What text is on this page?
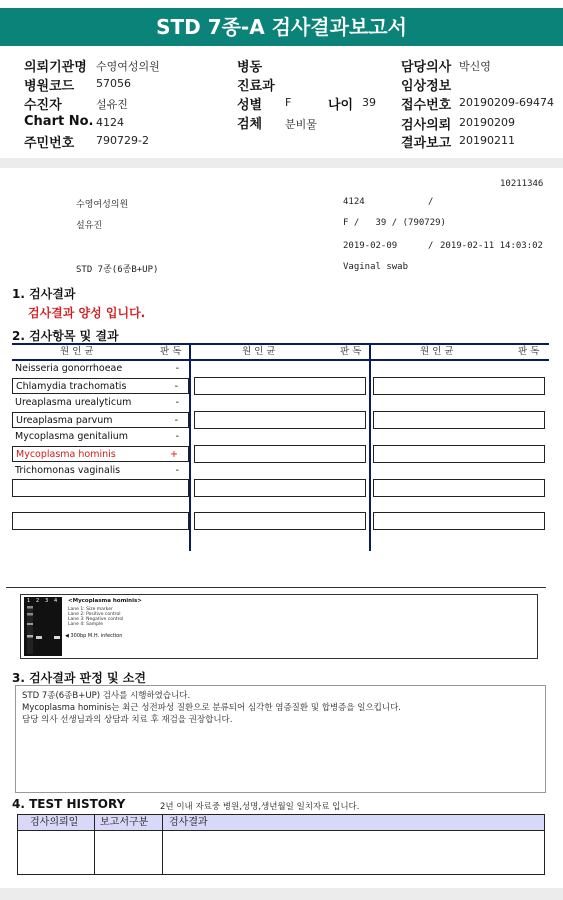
STD 7종-A 검사결과보고서
의뢰기관명 수영여성의원	병동	담당의사 박신영
병원코드 57056	진료과	임상정보
수진자	설유진	성별 F	나이 39 접수번호 20190209-69474
Chart No. 4124	검체 분비물	검사의뢰 20190209
주민번호 790729-2	결과보고 20190211
10211346
수영여성의원	4124	/
설유진	F /   39 / (790729)
2019-02-09	/ 2019-02-11 14:03:02
STD 7종(6종B+UP)	Vaginal swab
1. 검사결과
검사결과 양성 입니다.
2. 검사항목 및 결과
원 인 균	판 독	원 인 균	판 독	원 인 균	판 독
Neisseria gonorrhoeae	-
Chlamydia trachomatis	-
Ureaplasma urealyticum	-
Ureaplasma parvum	-
Mycoplasma genitalium	-
Mycoplasma hominis	+
Trichomonas vaginalis	-
1 2 3 4 <Mycoplasma hominis>
Lane 1: Size marker
Lane 2: Positive control
Lane 3: Negative control
Lane 4: Sample
◀ 300bp M.H. infection
3. 검사결과 판정 및 소견
STD 7종(6종B+UP) 검사를 시행하였습니다.
Mycoplasma hominis는 최근 성전파성 질환으로 분류되어 심각한 염증질환 및 합병증을 일으킵니다.
담당 의사 선생님과의 상담과 치료 후 재검을 권장합니다.
4. TEST HISTORY	2년 이내 자료중 병원,성명,생년월일 일치자료 입니다.
검사의뢰일	보고서구분	검사결과
